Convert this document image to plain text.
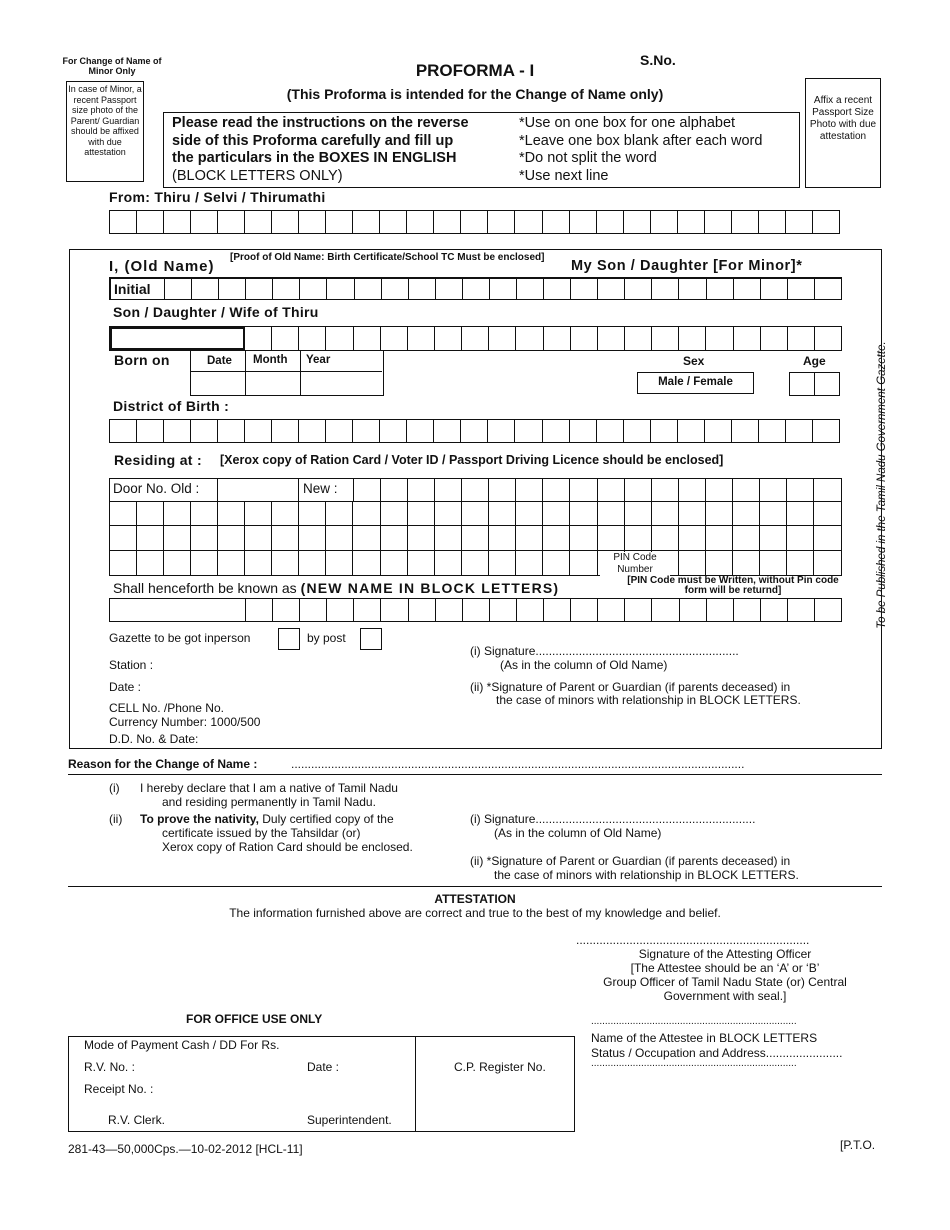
For Change of Name of Minor Only
In case of Minor, a recent Passport size photo of the Parent/ Guardian should be affixed with due attestation
PROFORMA - I
S.No.
(This Proforma is intended for the Change of Name only)	Affix a recent Passport Size Photo with due attestation
Please read the instructions on the reverse
side of this Proforma carefully and fill up
the particulars in the BOXES IN ENGLISH
(BLOCK LETTERS ONLY)
*Use on one box for one alphabet
*Leave one box blank after each word
*Do not split the word
*Use next line
From: Thiru / Selvi / Thirumathi
I, (Old Name)
[Proof of Old Name: Birth Certificate/School TC Must be enclosed]
My Son / Daughter [For Minor]*
Initial
Son / Daughter / Wife of Thiru
Born on	Date Month Year	Sex
Male / Female
Age
District of Birth :
Residing at : [Xerox copy of Ration Card / Voter ID / Passport Driving Licence should be enclosed]
Door No. Old :	New :
PIN Code Number
Shall henceforth be known as (NEW NAME IN BLOCK LETTERS)	[PIN Code must be Written, without Pin code form will be returnd]
Gazette to be got inperson	by post
(i) Signature.............................................................
(As in the column of Old Name)
Station :
Date :	(ii) *Signature of Parent or Guardian (if parents deceased) in
the case of minors with relationship in BLOCK LETTERS.
CELL No. /Phone No.
Currency Number: 1000/500
D.D. No. & Date:
To be Published in the Tamil Nadu Government Gazette.
Reason for the Change of Name :	........................................................................................................................................
(i) I hereby declare that I am a native of Tamil Nadu
and residing permanently in Tamil Nadu.
(ii) To prove the nativity, Duly certified copy of the
certificate issued by the Tahsildar (or)
Xerox copy of Ration Card should be enclosed.
(i) Signature..................................................................
(As in the column of Old Name)
(ii) *Signature of Parent or Guardian (if parents deceased) in
the case of minors with relationship in BLOCK LETTERS.
ATTESTATION
The information furnished above are correct and true to the best of my knowledge and belief.
......................................................................
Signature of the Attesting Officer
[The Attestee should be an ‘A’ or ‘B’
Group Officer of Tamil Nadu State (or) Central
Government with seal.]
FOR OFFICE USE ONLY	..........................................................................
Name of the Attestee in BLOCK LETTERS
Status / Occupation and Address.......................
..........................................................................
Mode of Payment Cash / DD For Rs.
R.V. No. :	Date :	C.P. Register No.
Receipt No. :
R.V. Clerk.	Superintendent.
281-43—50,000Cps.—10-02-2012 [HCL-11]	[P.T.O.
